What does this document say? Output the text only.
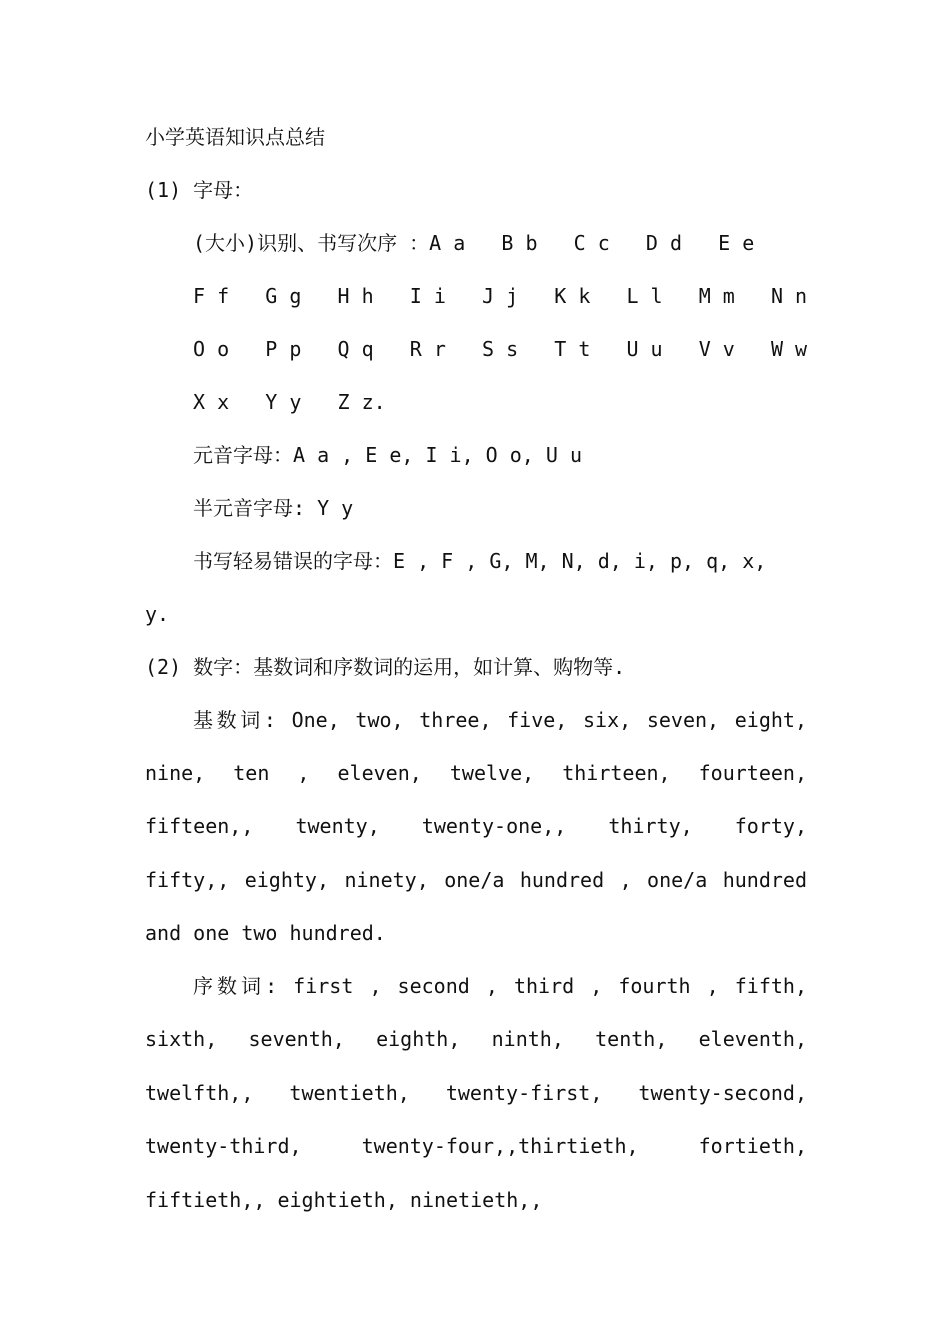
小学英语知识点总结
(1) 字母：
(大小)识别、书写次序 ：A a   B b   C c   D d   E e
F f   G g   H h   I i   J j   K k   L l   M m   N n
O o   P p   Q q   R r   S s   T t   U u   V v   W w
X x   Y y   Z z.
元音字母：A a , E e, I i, O o, U u
半元音字母: Y y
书写轻易错误的字母：E , F , G, M, N, d, i, p, q, x,
y.
(2) 数字：基数词和序数词的运用，如计算、购物等.
基数词: One, two, three, five, six, seven, eight,
nine, ten , eleven, twelve, thirteen, fourteen,
fifteen,, twenty, twenty-one,, thirty, forty,
fifty,, eighty, ninety, one/a hundred , one/a hundred
and one two hundred.
序数词: first , second , third , fourth , fifth,
sixth, seventh, eighth, ninth, tenth, eleventh,
twelfth,, twentieth, twenty-first, twenty-second,
twenty-third, twenty-four,,thirtieth, fortieth,
fiftieth,, eightieth, ninetieth,,
